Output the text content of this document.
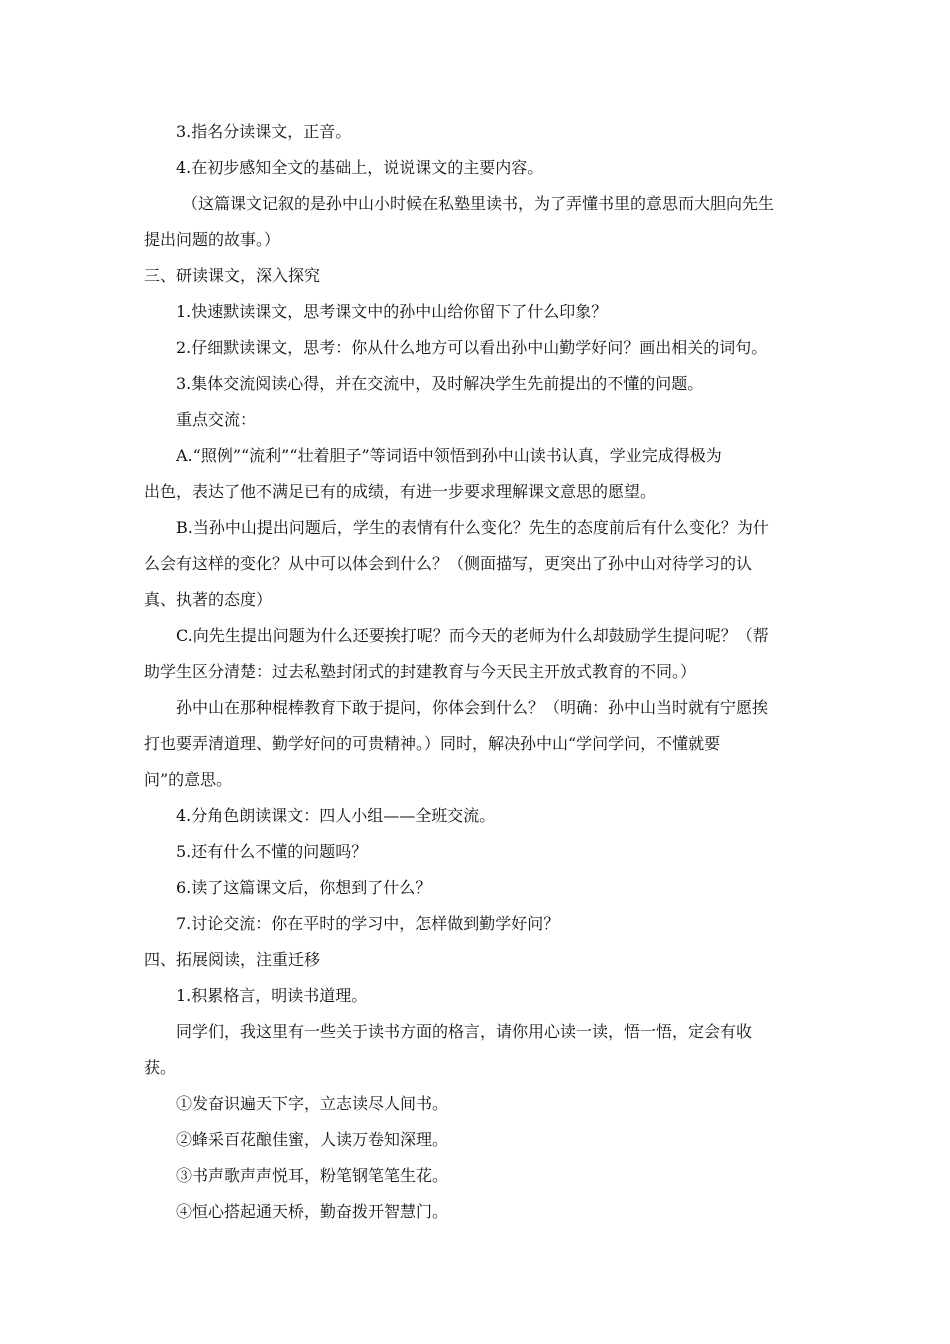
3.指名分读课文，正音。

4.在初步感知全文的基础上，说说课文的主要内容。

（这篇课文记叙的是孙中山小时候在私塾里读书，为了弄懂书里的意思而大胆向先生

提出问题的故事。）

三、研读课文，深入探究

1.快速默读课文，思考课文中的孙中山给你留下了什么印象？

2.仔细默读课文，思考：你从什么地方可以看出孙中山勤学好问？画出相关的词句。

3.集体交流阅读心得，并在交流中，及时解决学生先前提出的不懂的问题。

重点交流：

A.“照例”“流利”“壮着胆子”等词语中领悟到孙中山读书认真，学业完成得极为

出色，表达了他不满足已有的成绩，有进一步要求理解课文意思的愿望。

B.当孙中山提出问题后，学生的表情有什么变化？先生的态度前后有什么变化？为什

么会有这样的变化？从中可以体会到什么？（侧面描写，更突出了孙中山对待学习的认

真、执著的态度）

C.向先生提出问题为什么还要挨打呢？而今天的老师为什么却鼓励学生提问呢？（帮

助学生区分清楚：过去私塾封闭式的封建教育与今天民主开放式教育的不同。）

孙中山在那种棍棒教育下敢于提问，你体会到什么？（明确：孙中山当时就有宁愿挨

打也要弄清道理、勤学好问的可贵精神。）同时，解决孙中山“学问学问，不懂就要

问”的意思。

4.分角色朗读课文：四人小组——全班交流。

5.还有什么不懂的问题吗？

6.读了这篇课文后，你想到了什么？

7.讨论交流：你在平时的学习中，怎样做到勤学好问？

四、拓展阅读，注重迁移

1.积累格言，明读书道理。

同学们，我这里有一些关于读书方面的格言，请你用心读一读，悟一悟，定会有收

获。

①发奋识遍天下字，立志读尽人间书。

②蜂采百花酿佳蜜，人读万卷知深理。

③书声歌声声悦耳，粉笔钢笔笔生花。

④恒心搭起通天桥，勤奋拨开智慧门。
